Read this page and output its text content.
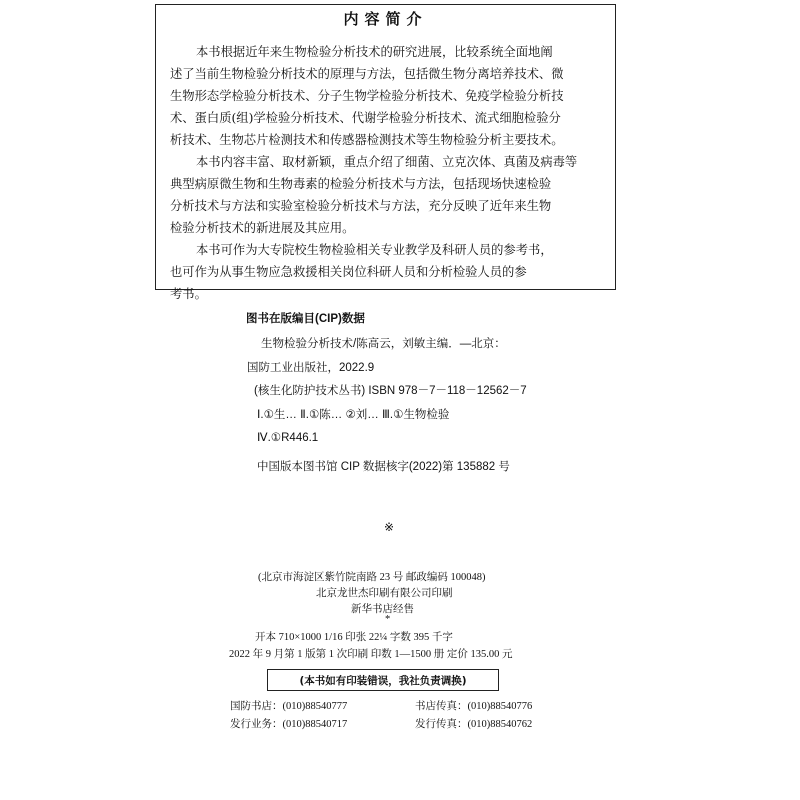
内容简介
本书根据近年来生物检验分析技术的研究进展，比较系统全面地阐
述了当前生物检验分析技术的原理与方法，包括微生物分离培养技术、微
生物形态学检验分析技术、分子生物学检验分析技术、免疫学检验分析技
术、蛋白质(组)学检验分析技术、代谢学检验分析技术、流式细胞检验分
析技术、生物芯片检测技术和传感器检测技术等生物检验分析主要技术。
本书内容丰富、取材新颖，重点介绍了细菌、立克次体、真菌及病毒等
典型病原微生物和生物毒素的检验分析技术与方法，包括现场快速检验
分析技术与方法和实验室检验分析技术与方法，充分反映了近年来生物
检验分析技术的新进展及其应用。
本书可作为大专院校生物检验相关专业教学及科研人员的参考书，
也可作为从事生物应急救援相关岗位科研人员和分析检验人员的参
考书。
图书在版编目(CIP)数据
生物检验分析技术/陈高云，刘敏主编．—北京：
国防工业出版社，2022.9
(核生化防护技术丛书) ISBN 978－7－118－12562－7
Ⅰ.①生… Ⅱ.①陈… ②刘… Ⅲ.①生物检验
Ⅳ.①R446.1
中国版本图书馆 CIP 数据核字(2022)第 135882 号
※
(北京市海淀区紫竹院南路 23 号 邮政编码 100048)
北京龙世杰印刷有限公司印刷
新华书店经售
*
开本 710×1000 1/16 印张 22¼ 字数 395 千字
2022 年 9 月第 1 版第 1 次印刷 印数 1—1500 册 定价 135.00 元
(本书如有印装错误，我社负责调换)
国防书店：(010)88540777	书店传真：(010)88540776
发行业务：(010)88540717	发行传真：(010)88540762
